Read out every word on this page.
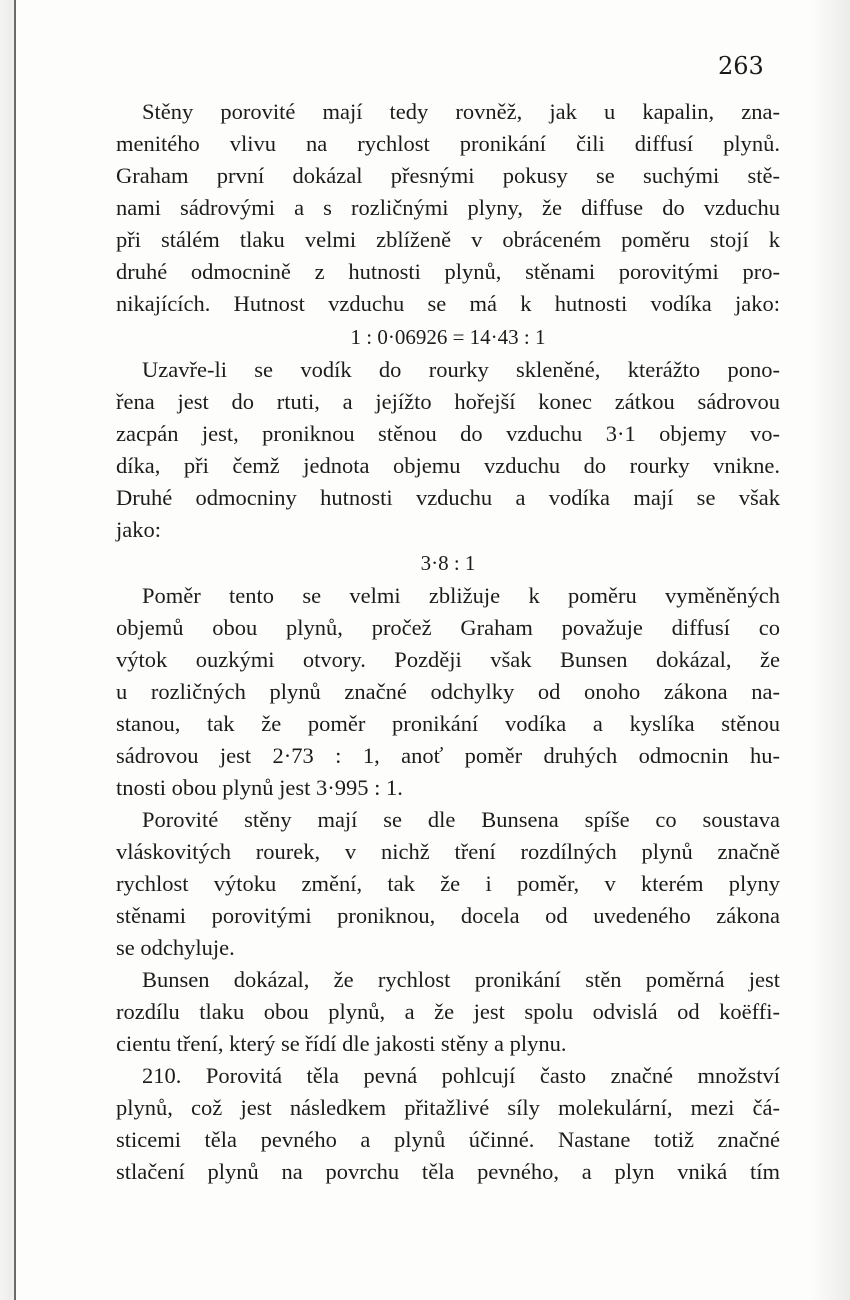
263
Stěny porovité mají tedy rovněž, jak u kapalin, zna-
menitého vlivu na rychlost pronikání čili diffusí plynů.
Graham první dokázal přesnými pokusy se suchými stě-
nami sádrovými a s rozličnými plyny, že diffuse do vzduchu
při stálém tlaku velmi zblíženě v obráceném poměru stojí k
druhé odmocnině z hutnosti plynů, stěnami porovitými pro-
nikajících. Hutnost vzduchu se má k hutnosti vodíka jako:
1 : 0·06926 = 14·43 : 1
Uzavře-li se vodík do rourky skleněné, kterážto pono-
řena jest do rtuti, a jejížto hořejší konec zátkou sádrovou
zacpán jest, proniknou stěnou do vzduchu 3·1 objemy vo-
díka, při čemž jednota objemu vzduchu do rourky vnikne.
Druhé odmocniny hutnosti vzduchu a vodíka mají se však
jako:
3·8 : 1
Poměr tento se velmi zbližuje k poměru vyměněných
objemů obou plynů, pročež Graham považuje diffusí co
výtok ouzkými otvory. Později však Bunsen dokázal, že
u rozličných plynů značné odchylky od onoho zákona na-
stanou, tak že poměr pronikání vodíka a kyslíka stěnou
sádrovou jest 2·73 : 1, anoť poměr druhých odmocnin hu-
tnosti obou plynů jest 3·995 : 1.
Porovité stěny mají se dle Bunsena spíše co soustava
vláskovitých rourek, v nichž tření rozdílných plynů značně
rychlost výtoku změní, tak že i poměr, v kterém plyny
stěnami porovitými proniknou, docela od uvedeného zákona
se odchyluje.
Bunsen dokázal, že rychlost pronikání stěn poměrná jest
rozdílu tlaku obou plynů, a že jest spolu odvislá od koëffi-
cientu tření, který se řídí dle jakosti stěny a plynu.
210. Porovitá těla pevná pohlcují často značné množství
plynů, což jest následkem přitažlivé síly molekulární, mezi čá-
sticemi těla pevného a plynů účinné. Nastane totiž značné
stlačení plynů na povrchu těla pevného, a plyn vniká tím
